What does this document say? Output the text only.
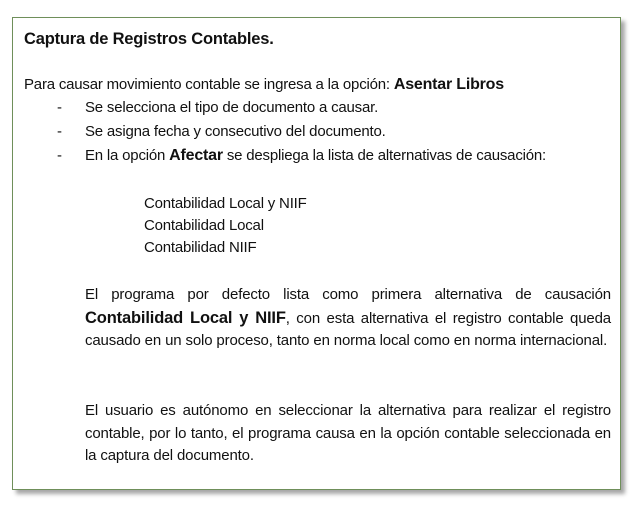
Captura de Registros Contables.
Para causar movimiento contable se ingresa a la opción: Asentar Libros
- Se selecciona el tipo de documento a causar.
- Se asigna fecha y consecutivo del documento.
- En la opción Afectar se despliega la lista de alternativas de causación:
Contabilidad Local y NIIF
Contabilidad Local
Contabilidad NIIF

El programa por defecto lista como primera alternativa de causación Contabilidad Local y NIIF, con esta alternativa el registro contable queda causado en un solo proceso, tanto en norma local como en norma internacional.

El usuario es autónomo en seleccionar la alternativa para realizar el registro contable, por lo tanto, el programa causa en la opción contable seleccionada en la captura del documento.
